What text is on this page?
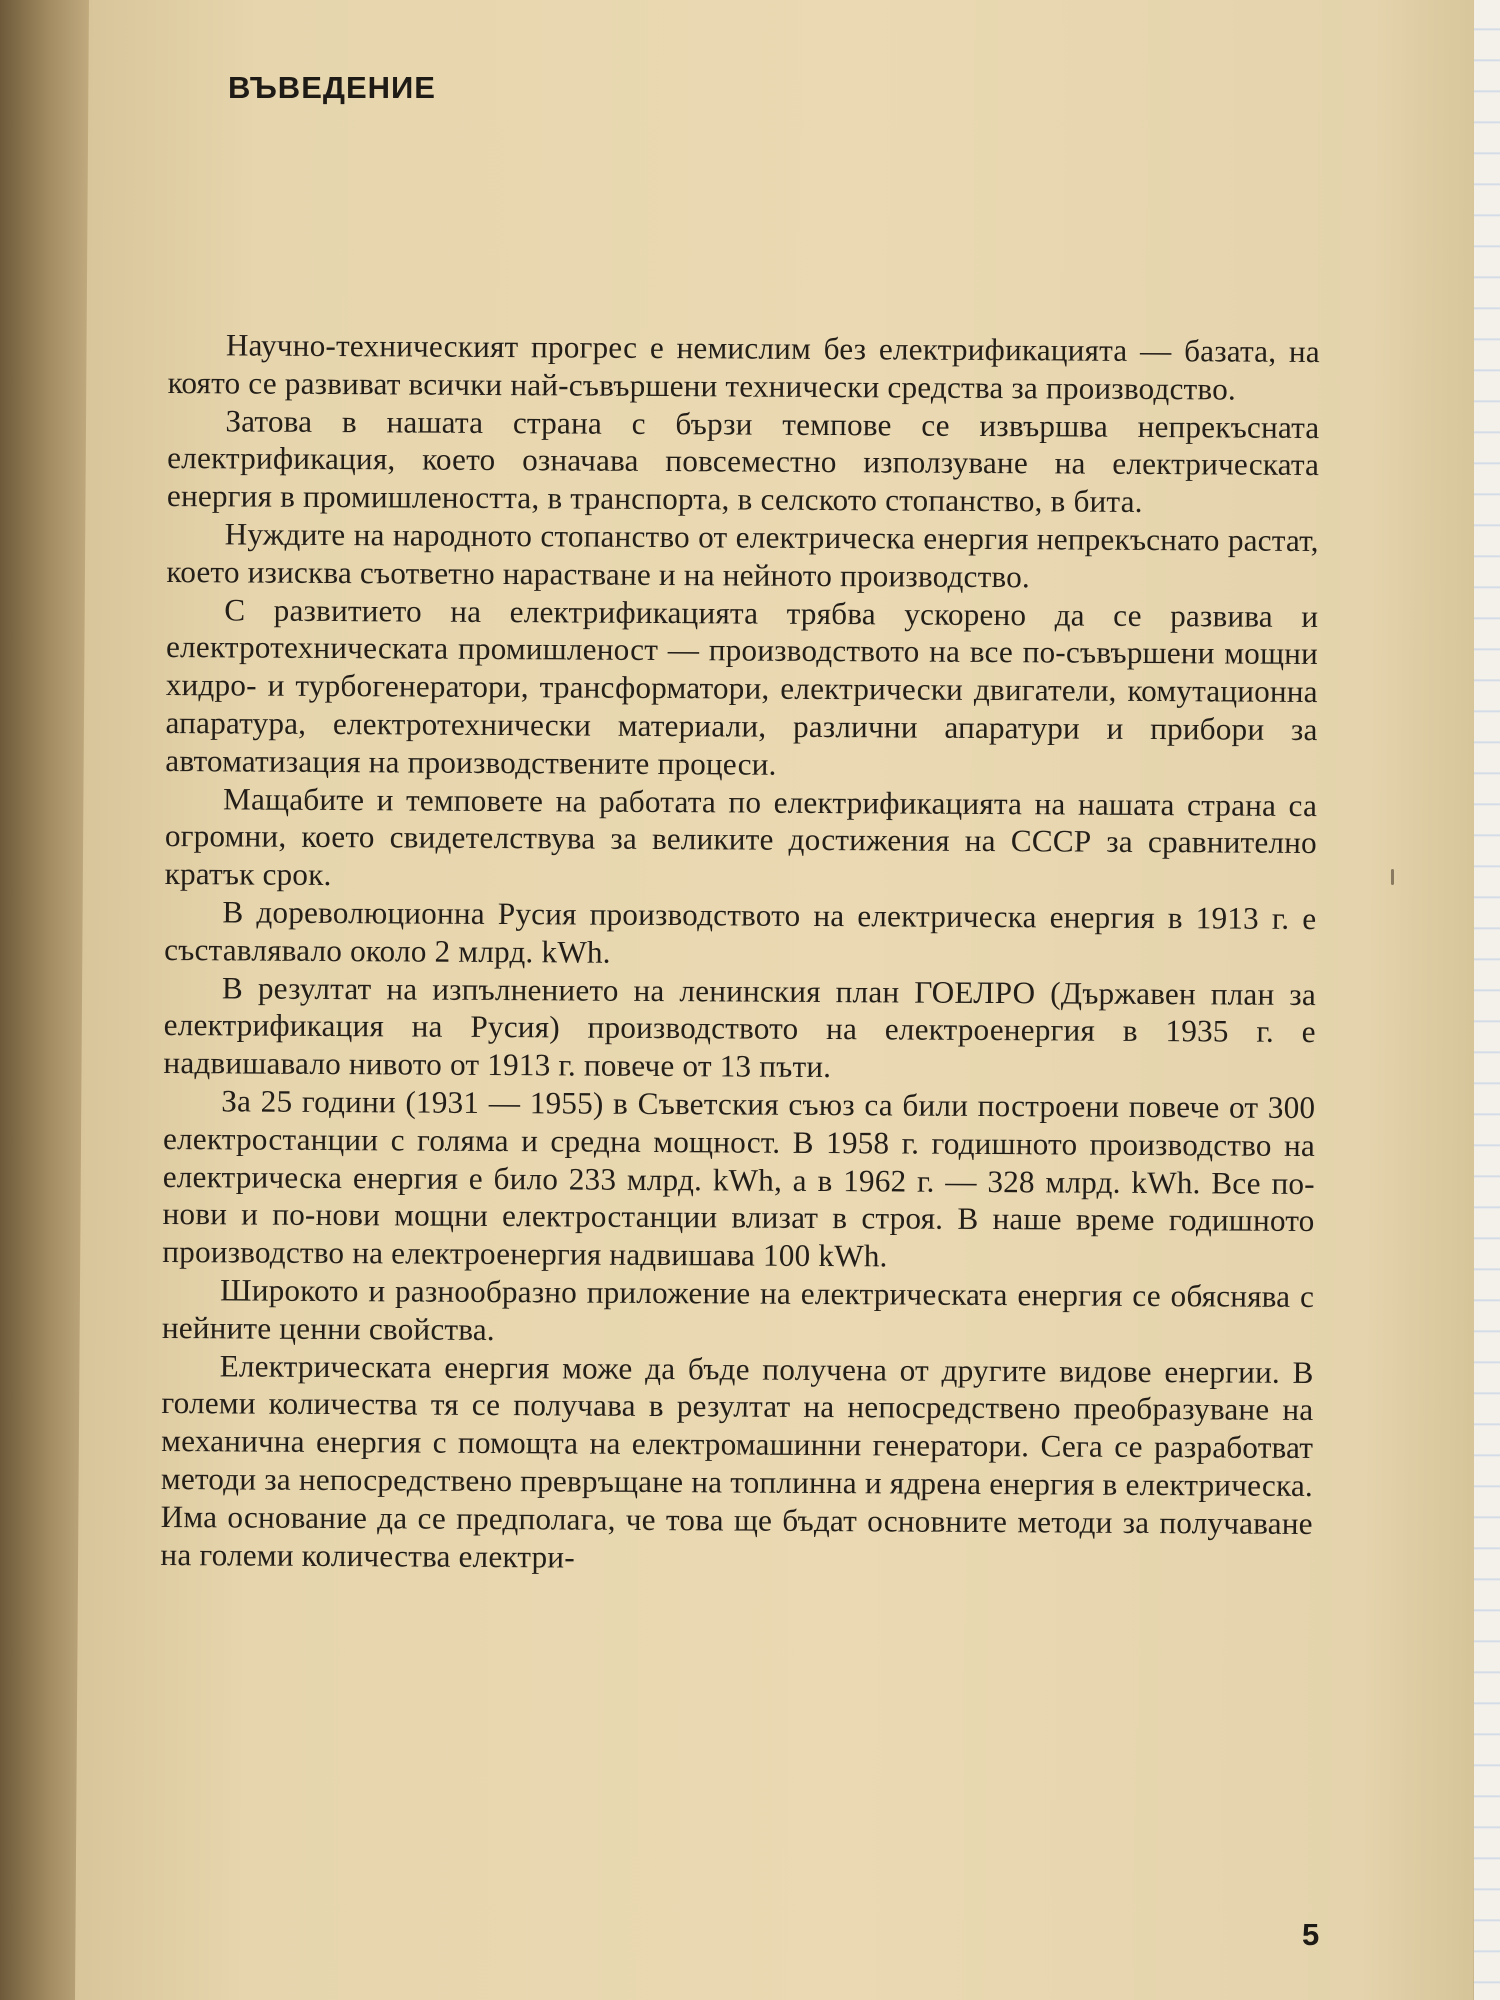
ВЪВЕДЕНИЕ

Научно-техническият прогрес е немислим без електрификацията — базата, на която се развиват всички най-съвършени технически средства за производство.

Затова в нашата страна с бързи темпове се извършва непрекъсната електрификация, което означава повсеместно използуване на електрическата енергия в промишлеността, в транспорта, в селското стопанство, в бита.

Нуждите на народното стопанство от електрическа енергия непрекъснато растат, което изисква съответно нарастване и на нейното производство.

С развитието на електрификацията трябва ускорено да се развива и електротехническата промишленост — производството на все по-съвършени мощни хидро- и турбогенератори, трансформатори, електрически двигатели, комутационна апаратура, електротехнически материали, различни апаратури и прибори за автоматизация на производствените процеси.

Мащабите и темповете на работата по електрификацията на нашата страна са огромни, което свидетелствува за великите достижения на СССР за сравнително кратък срок.

В дореволюционна Русия производството на електрическа енергия в 1913 г. е съставлявало около 2 млрд. kWh.

В резултат на изпълнението на ленинския план ГОЕЛРО (Държавен план за електрификация на Русия) производството на електроенергия в 1935 г. е надвишавало нивото от 1913 г. повече от 13 пъти.

За 25 години (1931 — 1955) в Съветския съюз са били построени повече от 300 електростанции с голяма и средна мощност. В 1958 г. годишното производство на електрическа енергия е било 233 млрд. kWh, а в 1962 г. — 328 млрд. kWh. Все по-нови и по-нови мощни електростанции влизат в строя. В наше време годишното производство на електроенергия надвишава 100 kWh.

Широкото и разнообразно приложение на електрическата енергия се обяснява с нейните ценни свойства.

Електрическата енергия може да бъде получена от другите видове енергии. В големи количества тя се получава в резултат на непосредствено преобразуване на механична енергия с помощта на електромашинни генератори. Сега се разработват методи за непосредствено превръщане на топлинна и ядрена енергия в електрическа. Има основание да се предполага, че това ще бъдат основните методи за получаване на големи количества електри-

5
